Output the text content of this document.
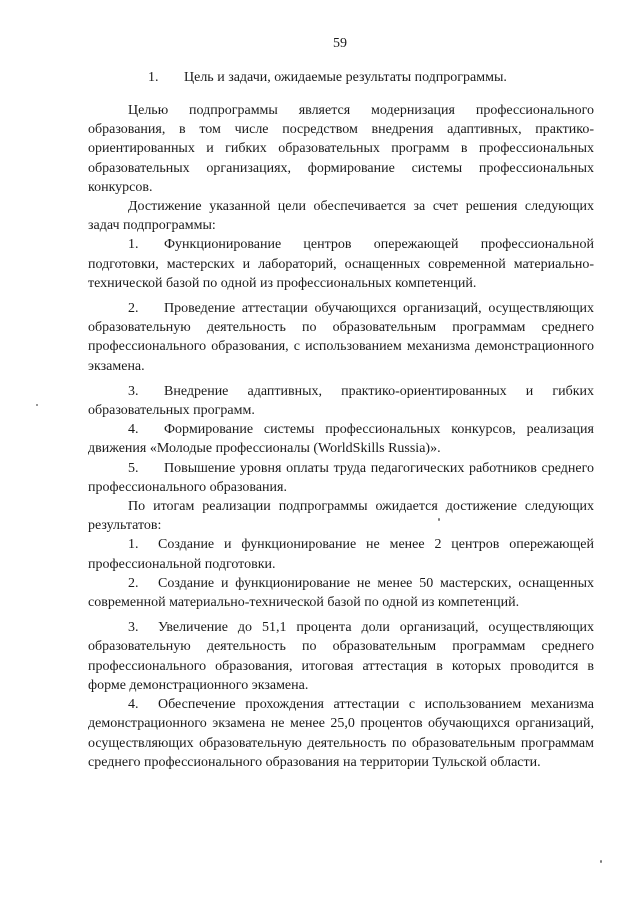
59
1. Цель и задачи, ожидаемые результаты подпрограммы.

Целью подпрограммы является модернизация профессионального образования, в том числе посредством внедрения адаптивных, практико-ориентированных и гибких образовательных программ в профессиональных образовательных организациях, формирование системы профессиональных конкурсов.

Достижение указанной цели обеспечивается за счет решения следующих задач подпрограммы:

1. Функционирование центров опережающей профессиональной подготовки, мастерских и лабораторий, оснащенных современной материально-технической базой по одной из профессиональных компетенций.

2. Проведение аттестации обучающихся организаций, осуществляющих образовательную деятельность по образовательным программам среднего профессионального образования, с использованием механизма демонстрационного экзамена.

3. Внедрение адаптивных, практико-ориентированных и гибких образовательных программ.

4. Формирование системы профессиональных конкурсов, реализация движения «Молодые профессионалы (WorldSkills Russia)».

5. Повышение уровня оплаты труда педагогических работников среднего профессионального образования.

По итогам реализации подпрограммы ожидается достижение следующих результатов:

1. Создание и функционирование не менее 2 центров опережающей профессиональной подготовки.

2. Создание и функционирование не менее 50 мастерских, оснащенных современной материально-технической базой по одной из компетенций.

3. Увеличение до 51,1 процента доли организаций, осуществляющих образовательную деятельность по образовательным программам среднего профессионального образования, итоговая аттестация в которых проводится в форме демонстрационного экзамена.

4. Обеспечение прохождения аттестации с использованием механизма демонстрационного экзамена не менее 25,0 процентов обучающихся организаций, осуществляющих образовательную деятельность по образовательным программам среднего профессионального образования на территории Тульской области.
